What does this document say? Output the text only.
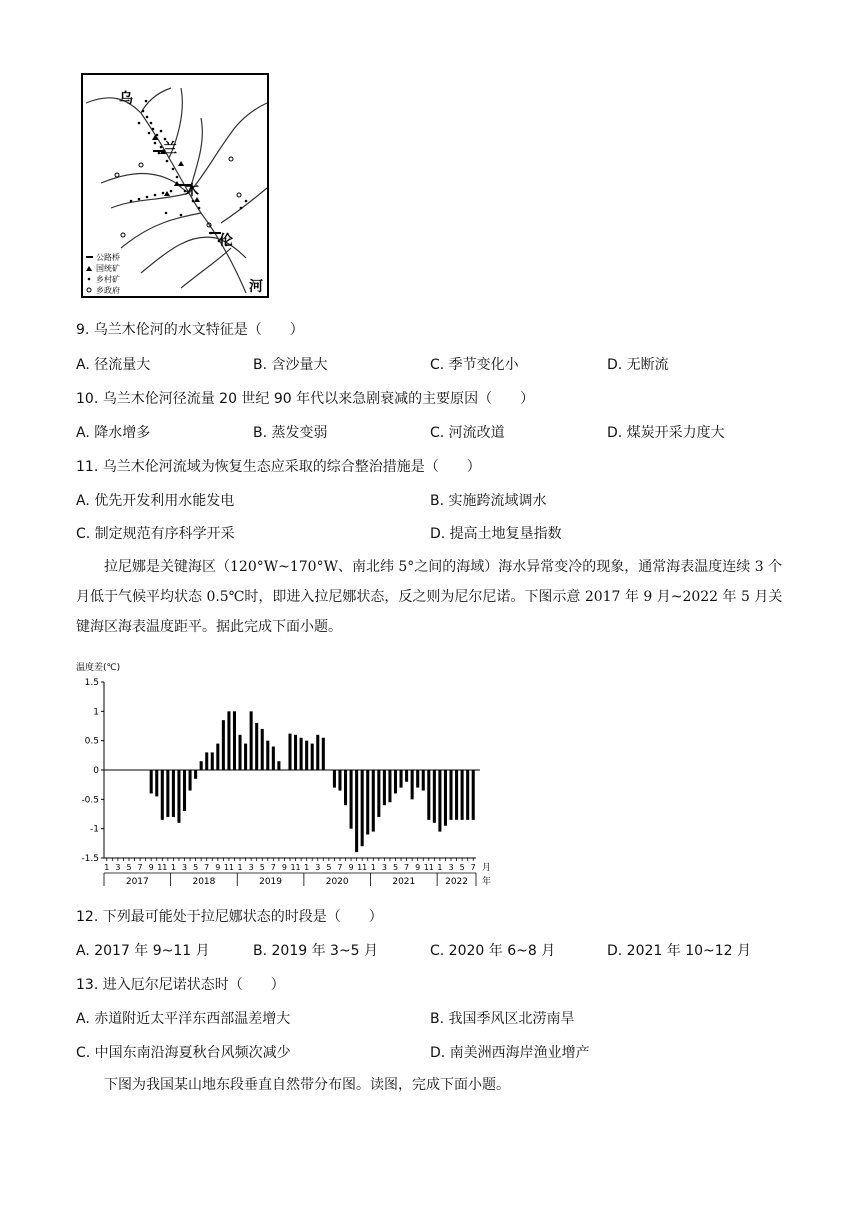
乌
兰
木
伦
河
公路桥
国统矿
乡村矿
乡政府
9. 乌兰木伦河的水文特征是（　　）
A. 径流量大	B. 含沙量大	C. 季节变化小	D. 无断流
10. 乌兰木伦河径流量 20 世纪 90 年代以来急剧衰减的主要原因（　　）
A. 降水增多	B. 蒸发变弱	C. 河流改道	D. 煤炭开采力度大
11. 乌兰木伦河流域为恢复生态应采取的综合整治措施是（　　）
A. 优先开发利用水能发电	B. 实施跨流域调水
C. 制定规范有序科学开采	D. 提高土地复垦指数

拉尼娜是关键海区（120°W~170°W、南北纬 5°之间的海域）海水异常变冷的现象，通常海表温度连续 3 个月低于气候平均状态 0.5℃时，即进入拉尼娜状态，反之则为尼尔尼诺。下图示意 2017 年 9 月~2022 年 5 月关键海区海表温度距平。据此完成下面小题。

温度差(℃)
1.5
1
0.5
0
-0.5
-1
-1.5
1 3 5 7 9 11 1 3 5 7 9 11 1 3 5 7 9 11 1 3 5 7 9 11 1 3 5 7 9 11 1 3 5 7 月
2017	2018	2019	2020	2021	2022 年
12. 下列最可能处于拉尼娜状态的时段是（　　）
A. 2017 年 9~11 月	B. 2019 年 3~5 月	C. 2020 年 6~8 月	D. 2021 年 10~12 月
13. 进入厄尔尼诺状态时（　　）
A. 赤道附近太平洋东西部温差增大	B. 我国季风区北涝南旱
C. 中国东南沿海夏秋台风频次减少	D. 南美洲西海岸渔业增产
下图为我国某山地东段垂直自然带分布图。读图，完成下面小题。
